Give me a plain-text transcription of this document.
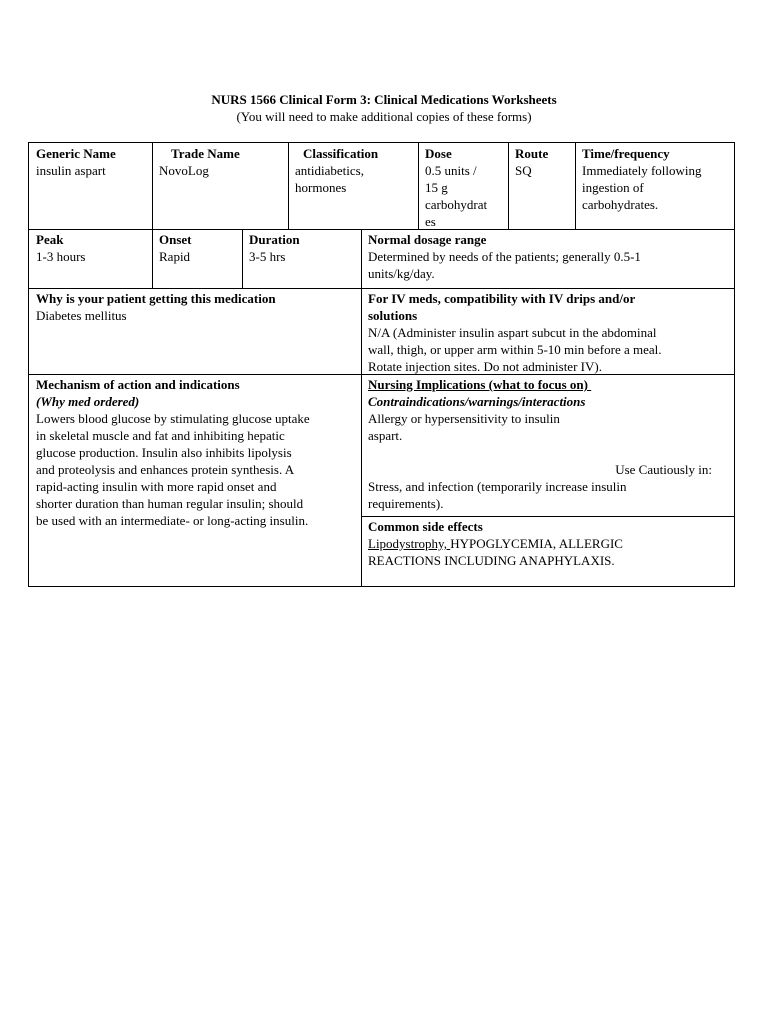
NURS 1566 Clinical Form 3: Clinical Medications Worksheets
(You will need to make additional copies of these forms)
Generic Name
insulin aspart
Trade Name
NovoLog
Classification
antidiabetics,
hormones
Dose
0.5 units /
15 g
carbohydrat
es
Route
SQ
Time/frequency
Immediately following
ingestion of
carbohydrates.
Peak
1-3 hours
Onset
Rapid
Duration
3-5 hrs
Normal dosage range
Determined by needs of the patients; generally 0.5-1
units/kg/day.
Why is your patient getting this medication
Diabetes mellitus
For IV meds, compatibility with IV drips and/or
solutions
N/A (Administer insulin aspart subcut in the abdominal
wall, thigh, or upper arm within 5-10 min before a meal.
Rotate injection sites. Do not administer IV).
Mechanism of action and indications
(Why med ordered)
Lowers blood glucose by stimulating glucose uptake
in skeletal muscle and fat and inhibiting hepatic
glucose production. Insulin also inhibits lipolysis
and proteolysis and enhances protein synthesis. A
rapid-acting insulin with more rapid onset and
shorter duration than human regular insulin; should
be used with an intermediate- or long-acting insulin.
Nursing Implications (what to focus on)
Contraindications/warnings/interactions
Allergy or hypersensitivity to insulin
aspart.
Use Cautiously in:
Stress, and infection (temporarily increase insulin
requirements).
Common side effects
Lipodystrophy, HYPOGLYCEMIA, ALLERGIC
REACTIONS INCLUDING ANAPHYLAXIS.
